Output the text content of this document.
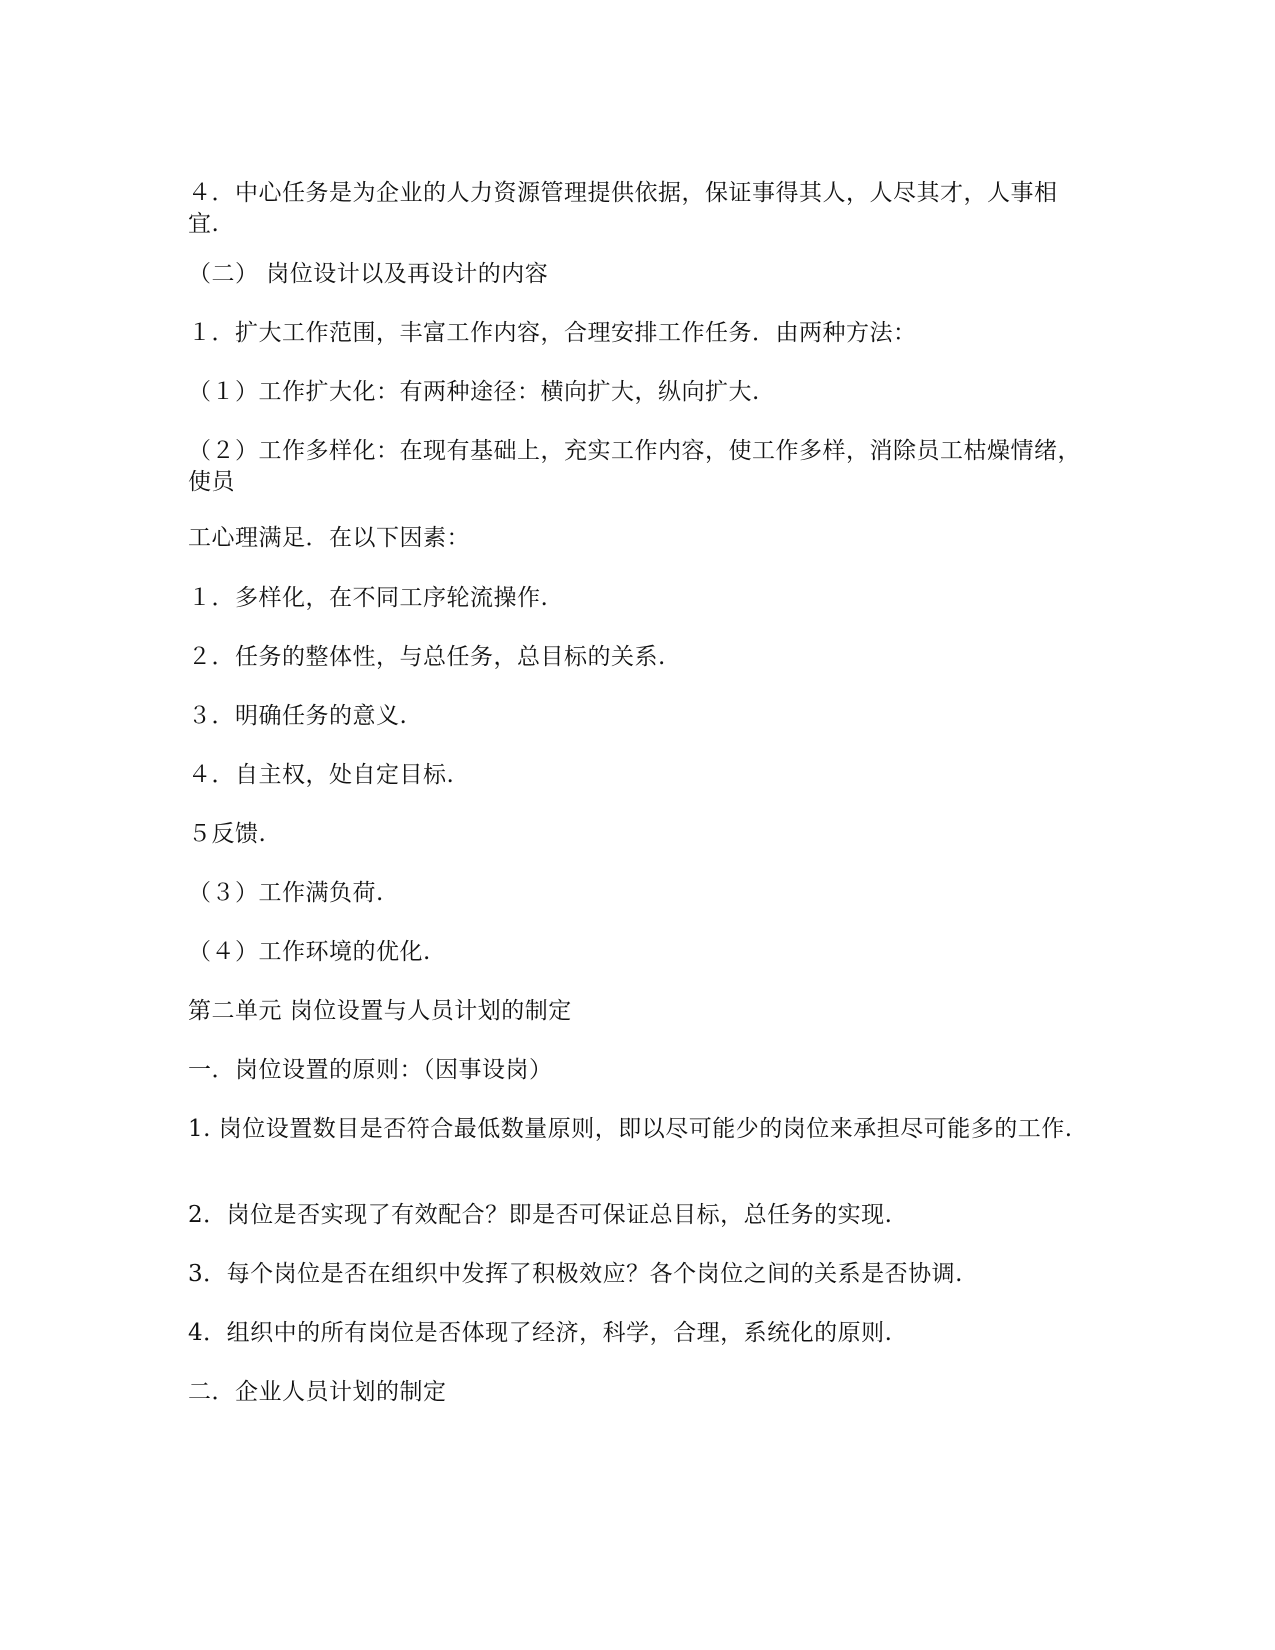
４．中心任务是为企业的人力资源管理提供依据，保证事得其人，人尽其才，人事相宜.

（二） 岗位设计以及再设计的内容

１．扩大工作范围，丰富工作内容，合理安排工作任务．由两种方法：

（１）工作扩大化：有两种途径：横向扩大，纵向扩大.

（２）工作多样化：在现有基础上，充实工作内容，使工作多样，消除员工枯燥情绪，使员

工心理满足．在以下因素：

１．多样化，在不同工序轮流操作.

２．任务的整体性，与总任务，总目标的关系.

３．明确任务的意义.

４．自主权，处自定目标.

５反馈.

（３）工作满负荷.

（４）工作环境的优化.

第二单元 岗位设置与人员计划的制定

一．岗位设置的原则：（因事设岗）

1. 岗位设置数目是否符合最低数量原则，即以尽可能少的岗位来承担尽可能多的工作.

2．岗位是否实现了有效配合？即是否可保证总目标，总任务的实现.

3．每个岗位是否在组织中发挥了积极效应？各个岗位之间的关系是否协调.

4．组织中的所有岗位是否体现了经济，科学，合理，系统化的原则.

二．企业人员计划的制定
